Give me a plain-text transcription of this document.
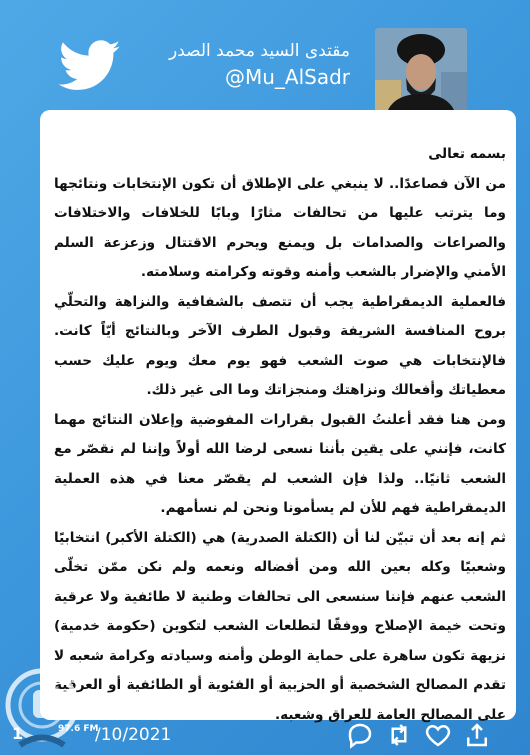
مقتدى السيد محمد الصدر
@Mu_AlSadr
بسمه تعالى
من الآن فصاعدًا.. لا ينبغي على الإطلاق أن تكون الإنتخابات ونتائجها وما يترتب عليها من تحالفات مثارًا وبابًا للخلافات والاختلافات والصراعات والصدامات بل ويمنع ويحرم الاقتتال وزعزعة السلم الأمني والإضرار بالشعب وأمنه وقوته وكرامته وسلامته.
فالعملية الديمقراطية يجب أن تتصف بالشفافية والنزاهة والتحلّي بروح المنافسة الشريفة وقبول الطرف الآخر وبالنتائج أيّاً كانت. فالإنتخابات هي صوت الشعب فهو يوم معك ويوم عليك حسب معطياتك وأفعالك ونزاهتك ومنجزاتك وما الى غير ذلك.
ومن هنا فقد أعلنتُ القبول بقرارات المفوضية وإعلان النتائج مهما كانت، فإنني على يقين بأننا نسعى لرضا الله أولاً وإننا لم نقصّر مع الشعب ثانيًا.. ولذا فإن الشعب لم يقصّر معنا في هذه العملية الديمقراطية فهم للأن لم يسأمونا ونحن لم نسأمهم.
ثم إنه بعد أن تبيّن لنا أن (الكتلة الصدرية) هي (الكتلة الأكبر) انتخابيًا وشعبيًا وكله بعين الله ومن أفضاله ونعمه ولم نكن ممّن تخلّى الشعب عنهم فإننا سنسعى الى تحالفات وطنية لا طائفية ولا عرقية وتحت خيمة الإصلاح ووفقًا لتطلعات الشعب لتكوين (حكومة خدمية) نزيهة تكون ساهرة على حماية الوطن وأمنه وسيادته وكرامة شعبه لا تقدم المصالح الشخصية أو الحزبية أو الفئوية أو الطائفية أو العرقية على المصالح العامة للعراق وشعبه.
97.6 FM
1	/10/2021
